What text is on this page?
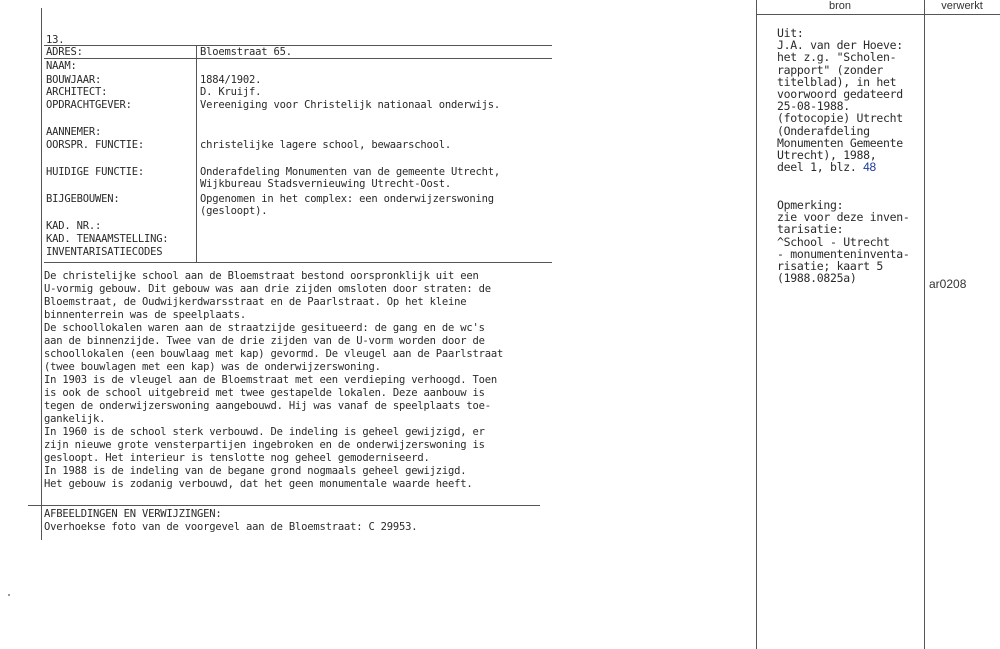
13.
ADRES:	Bloemstraat 65.
NAAM:
BOUWJAAR:	1884/1902.
ARCHITECT:	D. Kruijf.
OPDRACHTGEVER:	Vereeniging voor Christelijk nationaal onderwijs.
AANNEMER:
OORSPR. FUNCTIE:	christelijke lagere school, bewaarschool.
HUIDIGE FUNCTIE:	Onderafdeling Monumenten van de gemeente Utrecht,
Wijkbureau Stadsvernieuwing Utrecht-Oost.
BIJGEBOUWEN:	Opgenomen in het complex: een onderwijzerswoning
(gesloopt).
KAD. NR.:
KAD. TENAAMSTELLING:
INVENTARISATIECODES
De christelijke school aan de Bloemstraat bestond oorspronklijk uit een
U-vormig gebouw. Dit gebouw was aan drie zijden omsloten door straten: de
Bloemstraat, de Oudwijkerdwarsstraat en de Paarlstraat. Op het kleine
binnenterrein was de speelplaats.
De schoollokalen waren aan de straatzijde gesitueerd: de gang en de wc's
aan de binnenzijde. Twee van de drie zijden van de U-vorm worden door de
schoollokalen (een bouwlaag met kap) gevormd. De vleugel aan de Paarlstraat
(twee bouwlagen met een kap) was de onderwijzerswoning.
In 1903 is de vleugel aan de Bloemstraat met een verdieping verhoogd. Toen
is ook de school uitgebreid met twee gestapelde lokalen. Deze aanbouw is
tegen de onderwijzerswoning aangebouwd. Hij was vanaf de speelplaats toe-
gankelijk.
In 1960 is de school sterk verbouwd. De indeling is geheel gewijzigd, er
zijn nieuwe grote vensterpartijen ingebroken en de onderwijzerswoning is
gesloopt. Het interieur is tenslotte nog geheel gemoderniseerd.
In 1988 is de indeling van de begane grond nogmaals geheel gewijzigd.
Het gebouw is zodanig verbouwd, dat het geen monumentale waarde heeft.
AFBEELDINGEN EN VERWIJZINGEN:
Overhoekse foto van de voorgevel aan de Bloemstraat: C 29953.
bron	verwerkt
Uit:
J.A. van der Hoeve:
het z.g. "Scholen-
rapport" (zonder
titelblad), in het
voorwoord gedateerd
25-08-1988.
(fotocopie) Utrecht
(Onderafdeling
Monumenten Gemeente
Utrecht), 1988,
deel 1, blz. 48
Opmerking:
zie voor deze inven-
tarisatie:
^School - Utrecht
- monumenteninventa-
risatie; kaart 5
(1988.0825a)	ar0208
